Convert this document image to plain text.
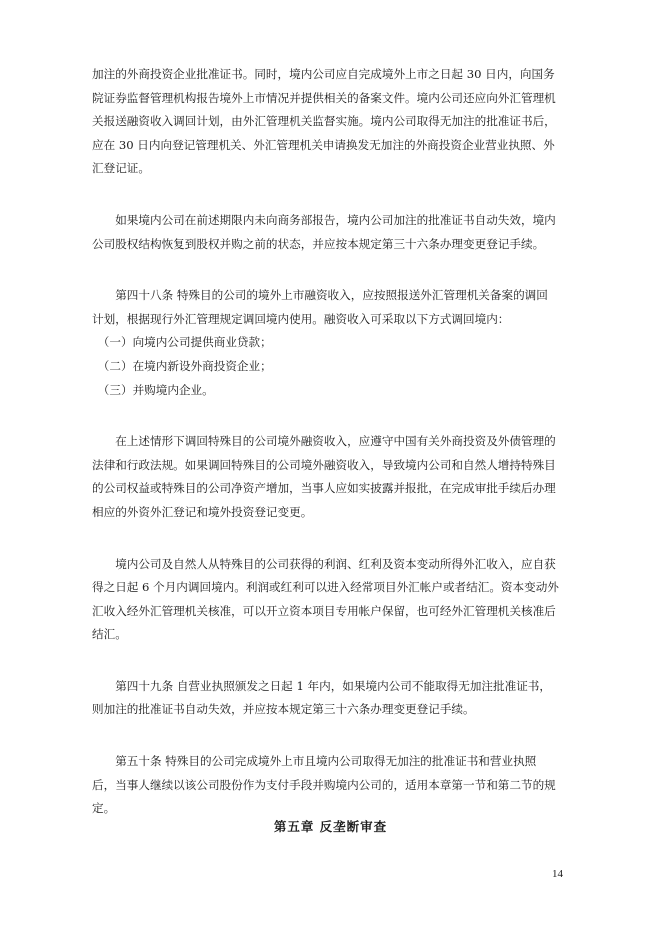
加注的外商投资企业批准证书。同时，境内公司应自完成境外上市之日起 30 日内，向国务
院证券监督管理机构报告境外上市情况并提供相关的备案文件。境内公司还应向外汇管理机
关报送融资收入调回计划，由外汇管理机关监督实施。境内公司取得无加注的批准证书后，
应在 30 日内向登记管理机关、外汇管理机关申请换发无加注的外商投资企业营业执照、外
汇登记证。
　　如果境内公司在前述期限内未向商务部报告，境内公司加注的批准证书自动失效，境内
公司股权结构恢复到股权并购之前的状态，并应按本规定第三十六条办理变更登记手续。
　　第四十八条 特殊目的公司的境外上市融资收入，应按照报送外汇管理机关备案的调回
计划，根据现行外汇管理规定调回境内使用。融资收入可采取以下方式调回境内：
　（一）向境内公司提供商业贷款；
　（二）在境内新设外商投资企业；
　（三）并购境内企业。
　　在上述情形下调回特殊目的公司境外融资收入，应遵守中国有关外商投资及外债管理的
法律和行政法规。如果调回特殊目的公司境外融资收入，导致境内公司和自然人增持特殊目
的公司权益或特殊目的公司净资产增加，当事人应如实披露并报批，在完成审批手续后办理
相应的外资外汇登记和境外投资登记变更。
　　境内公司及自然人从特殊目的公司获得的利润、红利及资本变动所得外汇收入，应自获
得之日起 6 个月内调回境内。利润或红利可以进入经常项目外汇帐户或者结汇。资本变动外
汇收入经外汇管理机关核准，可以开立资本项目专用帐户保留，也可经外汇管理机关核准后
结汇。
　　第四十九条 自营业执照颁发之日起 1 年内，如果境内公司不能取得无加注批准证书，
则加注的批准证书自动失效，并应按本规定第三十六条办理变更登记手续。
　　第五十条 特殊目的公司完成境外上市且境内公司取得无加注的批准证书和营业执照
后，当事人继续以该公司股份作为支付手段并购境内公司的，适用本章第一节和第二节的规
定。
第五章 反垄断审查
14
